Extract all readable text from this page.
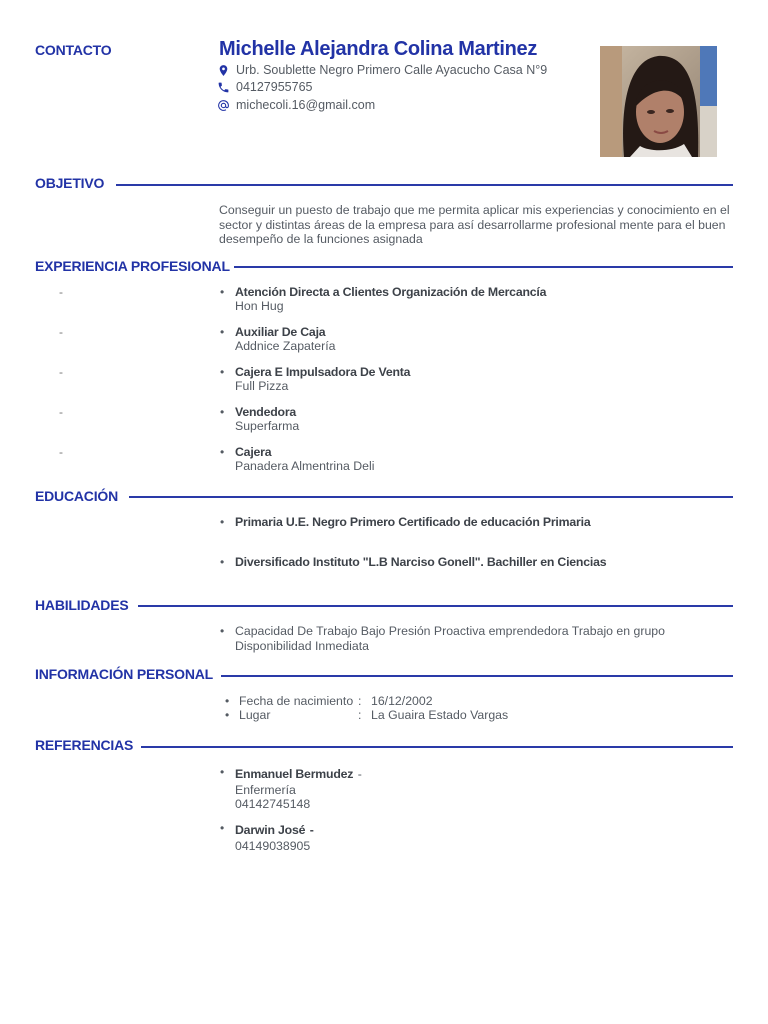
CONTACTO	Michelle Alejandra Colina Martinez
Urb. Soublette Negro Primero Calle Ayacucho Casa N°9
04127955765
michecoli.16@gmail.com
OBJETIVO
Conseguir un puesto de trabajo que me permita aplicar mis experiencias y conocimiento en el sector y distintas áreas de la empresa para así desarrollarme profesional mente para el buen desempeño de la funciones asignada
EXPERIENCIA PROFESIONAL
-	• Atención Directa a Clientes Organización de Mercancía
Hon Hug
-	• Auxiliar De Caja
Addnice Zapatería
-	• Cajera E Impulsadora De Venta
Full Pizza
-	• Vendedora
Superfarma
-	• Cajera
Panadera Almentrina Deli
EDUCACIÓN
• Primaria U.E. Negro Primero Certificado de educación Primaria
• Diversificado Instituto "L.B Narciso Gonell". Bachiller en Ciencias
HABILIDADES
• Capacidad De Trabajo Bajo Presión Proactiva emprendedora Trabajo en grupo Disponibilidad Inmediata
INFORMACIÓN PERSONAL
• Fecha de nacimiento : 16/12/2002
• Lugar	: La Guaira Estado Vargas
REFERENCIAS
• Enmanuel Bermudez -
Enfermería
04142745148
• Darwin José -
04149038905
